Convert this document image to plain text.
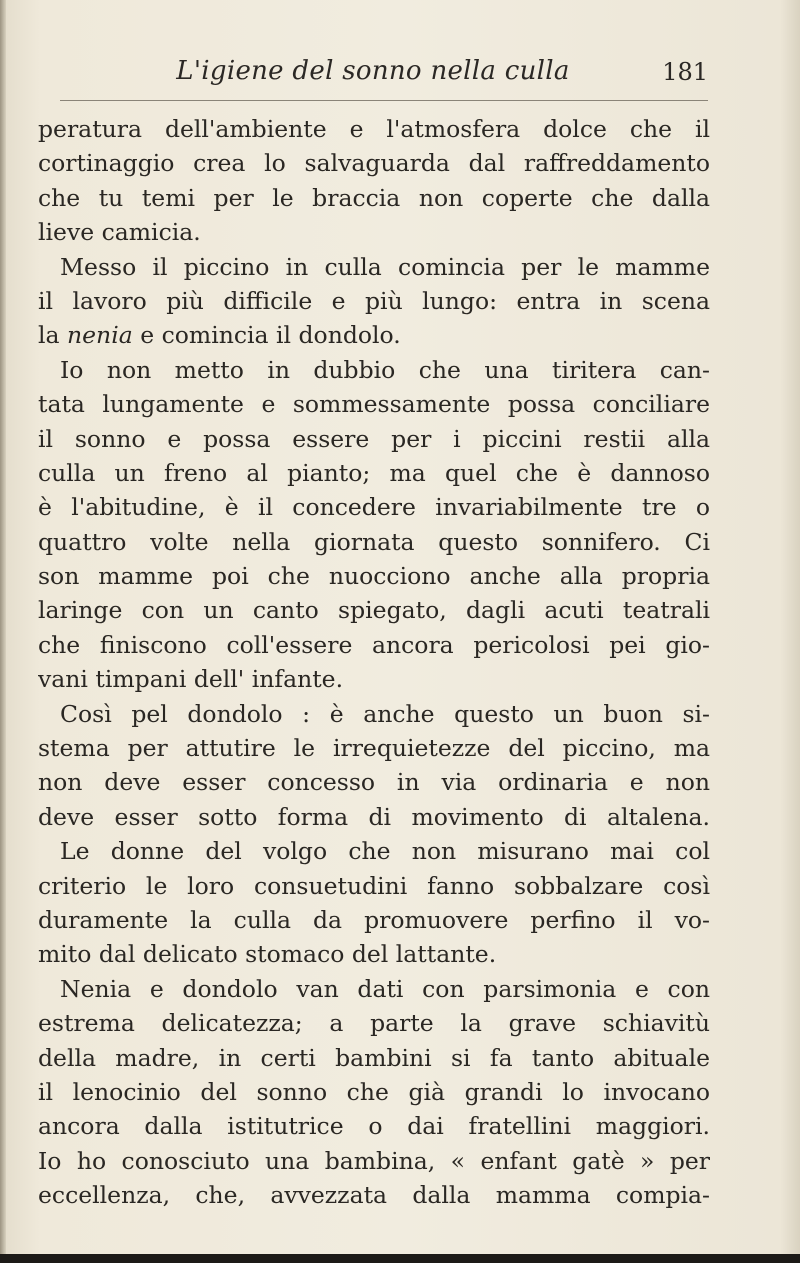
L'igiene del sonno nella culla	181
peratura dell'ambiente e l'atmosfera dolce che il
cortinaggio crea lo salvaguarda dal raffreddamento
che tu temi per le braccia non coperte che dalla
lieve camicia.
Messo il piccino in culla comincia per le mamme
il lavoro più difficile e più lungo: entra in scena
la nenia e comincia il dondolo.
Io non metto in dubbio che una tiritera can-
tata lungamente e sommessamente possa conciliare
il sonno e possa essere per i piccini restii alla
culla un freno al pianto; ma quel che è dannoso
è l'abitudine, è il concedere invariabilmente tre o
quattro volte nella giornata questo sonnifero. Ci
son mamme poi che nuocciono anche alla propria
laringe con un canto spiegato, dagli acuti teatrali
che finiscono coll'essere ancora pericolosi pei gio-
vani timpani dell' infante.
Così pel dondolo : è anche questo un buon si-
stema per attutire le irrequietezze del piccino, ma
non deve esser concesso in via ordinaria e non
deve esser sotto forma di movimento di altalena.
Le donne del volgo che non misurano mai col
criterio le loro consuetudini fanno sobbalzare così
duramente la culla da promuovere perfino il vo-
mito dal delicato stomaco del lattante.
Nenia e dondolo van dati con parsimonia e con
estrema delicatezza; a parte la grave schiavitù
della madre, in certi bambini si fa tanto abituale
il lenocinio del sonno che già grandi lo invocano
ancora dalla istitutrice o dai fratellini maggiori.
Io ho conosciuto una bambina, « enfant gatè » per
eccellenza, che, avvezzata dalla mamma compia-
